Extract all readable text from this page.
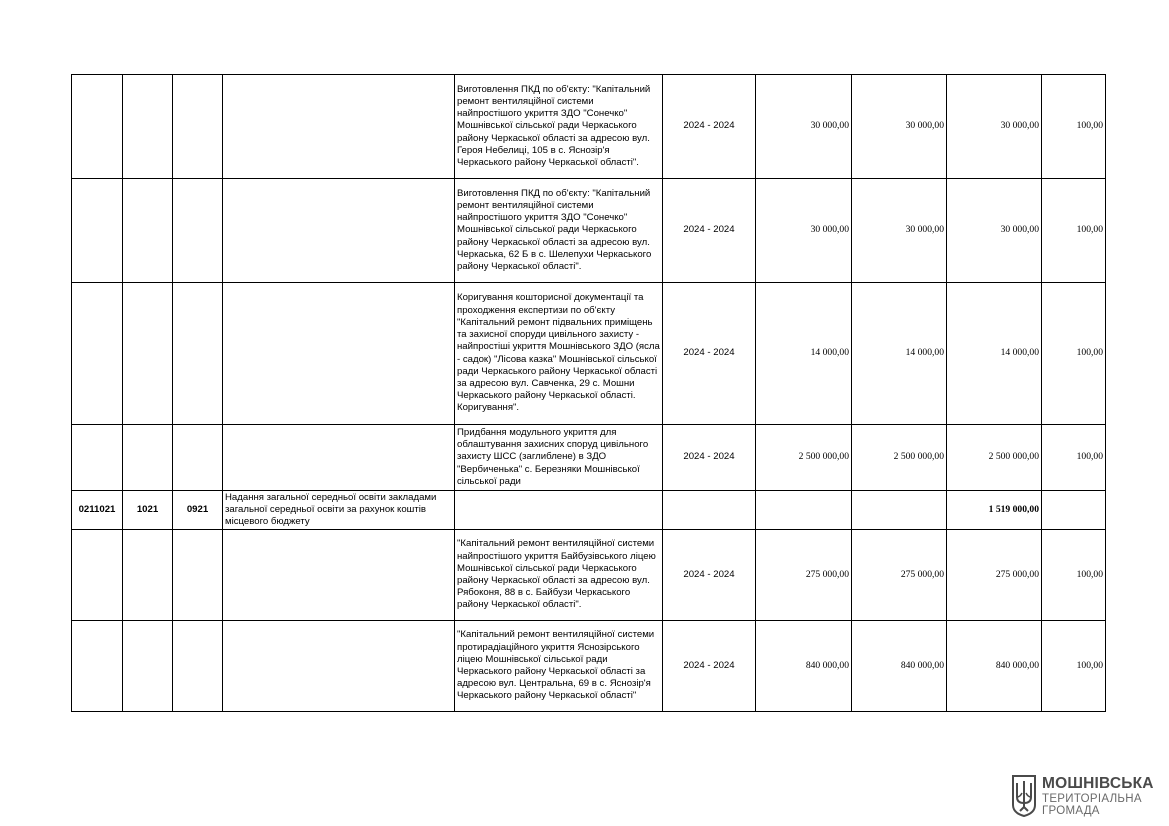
				Виготовлення ПКД по об'єкту: "Капітальний ремонт вентиляційної системи найпростішого укриття ЗДО "Сонечко" Мошнівської сільської ради Черкаського району Черкаської області за адресою вул. Героя Небелиці, 105 в с. Яснозір'я Черкаського району Черкаської області".	2024 - 2024	30 000,00	30 000,00	30 000,00	100,00
				Виготовлення ПКД по об'єкту: "Капітальний ремонт вентиляційної системи найпростішого укриття ЗДО "Сонечко" Мошнівської сільської ради Черкаського району Черкаської області за адресою вул. Черкаська, 62 Б в с. Шелепухи Черкаського району Черкаської області".	2024 - 2024	30 000,00	30 000,00	30 000,00	100,00
				Коригування кошторисної документації та проходження експертизи по об'єкту "Капітальний ремонт підвальних приміщень та захисної споруди цивільного захисту - найпростіші укриття Мошнівського ЗДО (ясла - садок) "Лісова казка" Мошнівської сільської ради Черкаського району Черкаської області за адресою вул. Савченка, 29 с. Мошни Черкаського району Черкаської області. Коригування".	2024 - 2024	14 000,00	14 000,00	14 000,00	100,00
				Придбання модульного укриття для облаштування захисних споруд цивільного захисту ШСС (заглиблене) в ЗДО "Вербиченька" с. Березняки Мошнівської сільської ради	2024 - 2024	2 500 000,00	2 500 000,00	2 500 000,00	100,00
0211021	1021	0921	Надання загальної середньої освіти закладами загальної середньої освіти за рахунок коштів місцевого бюджету					1 519 000,00	
				"Капітальний ремонт вентиляційної системи найпростішого укриття Байбузівського ліцею Мошнівської сільської ради Черкаського району Черкаської області за адресою вул. Рябоконя, 88 в с. Байбузи Черкаського району Черкаської області".	2024 - 2024	275 000,00	275 000,00	275 000,00	100,00
				"Капітальний ремонт вентиляційної системи протирадіаційного укриття Яснозірського ліцею Мошнівської сільської ради Черкаського району Черкаської області за адресою вул. Центральна, 69 в с. Яснозір'я Черкаського району Черкаської області"	2024 - 2024	840 000,00	840 000,00	840 000,00	100,00
МОШНІВСЬКА
ТЕРИТОРІАЛЬНА
ГРОМАДА
